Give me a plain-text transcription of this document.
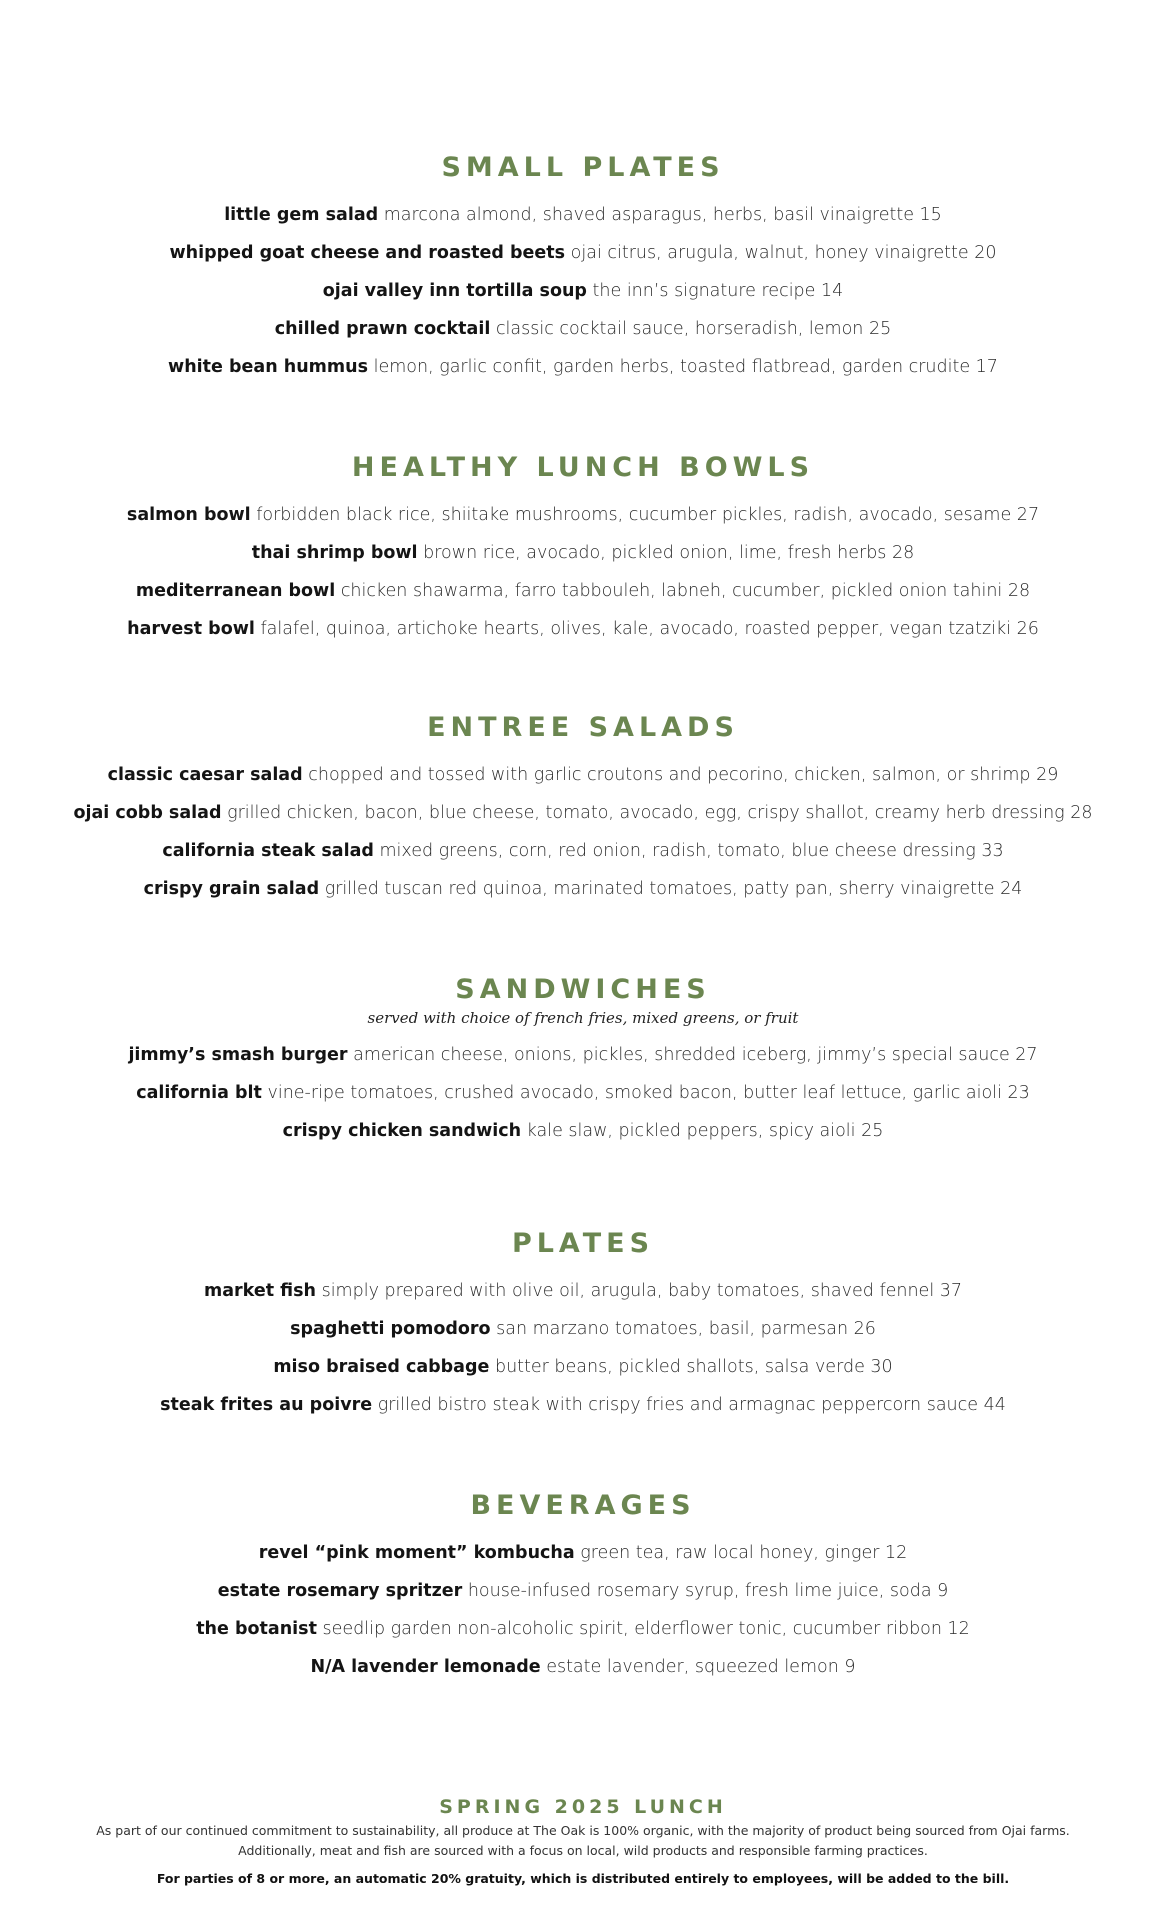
SMALL PLATES
little gem salad marcona almond, shaved asparagus, herbs, basil vinaigrette 15
whipped goat cheese and roasted beets ojai citrus, arugula, walnut, honey vinaigrette 20
ojai valley inn tortilla soup the inn’s signature recipe 14
chilled prawn cocktail classic cocktail sauce, horseradish, lemon 25
white bean hummus lemon, garlic confit, garden herbs, toasted flatbread, garden crudite 17
HEALTHY LUNCH BOWLS
salmon bowl forbidden black rice, shiitake mushrooms, cucumber pickles, radish, avocado, sesame 27
thai shrimp bowl brown rice, avocado, pickled onion, lime, fresh herbs 28
mediterranean bowl chicken shawarma, farro tabbouleh, labneh, cucumber, pickled onion tahini 28
harvest bowl falafel, quinoa, artichoke hearts, olives, kale, avocado, roasted pepper, vegan tzatziki 26
ENTREE SALADS
classic caesar salad chopped and tossed with garlic croutons and pecorino, chicken, salmon, or shrimp 29
ojai cobb salad grilled chicken, bacon, blue cheese, tomato, avocado, egg, crispy shallot, creamy herb dressing 28
california steak salad mixed greens, corn, red onion, radish, tomato, blue cheese dressing 33
crispy grain salad grilled tuscan red quinoa, marinated tomatoes, patty pan, sherry vinaigrette 24
SANDWICHES
served with choice of french fries, mixed greens, or fruit
jimmy’s smash burger american cheese, onions, pickles, shredded iceberg, jimmy’s special sauce 27
california blt vine-ripe tomatoes, crushed avocado, smoked bacon, butter leaf lettuce, garlic aioli 23
crispy chicken sandwich kale slaw, pickled peppers, spicy aioli 25
PLATES
market fish simply prepared with olive oil, arugula, baby tomatoes, shaved fennel 37
spaghetti pomodoro san marzano tomatoes, basil, parmesan 26
miso braised cabbage butter beans, pickled shallots, salsa verde 30
steak frites au poivre grilled bistro steak with crispy fries and armagnac peppercorn sauce 44
BEVERAGES
revel “pink moment” kombucha green tea, raw local honey, ginger 12
estate rosemary spritzer house-infused rosemary syrup, fresh lime juice, soda 9
the botanist seedlip garden non-alcoholic spirit, elderflower tonic, cucumber ribbon 12
N/A lavender lemonade estate lavender, squeezed lemon 9
SPRING 2025 LUNCH
As part of our continued commitment to sustainability, all produce at The Oak is 100% organic, with the majority of product being sourced from Ojai farms.
Additionally, meat and fish are sourced with a focus on local, wild products and responsible farming practices.
For parties of 8 or more, an automatic 20% gratuity, which is distributed entirely to employees, will be added to the bill.
